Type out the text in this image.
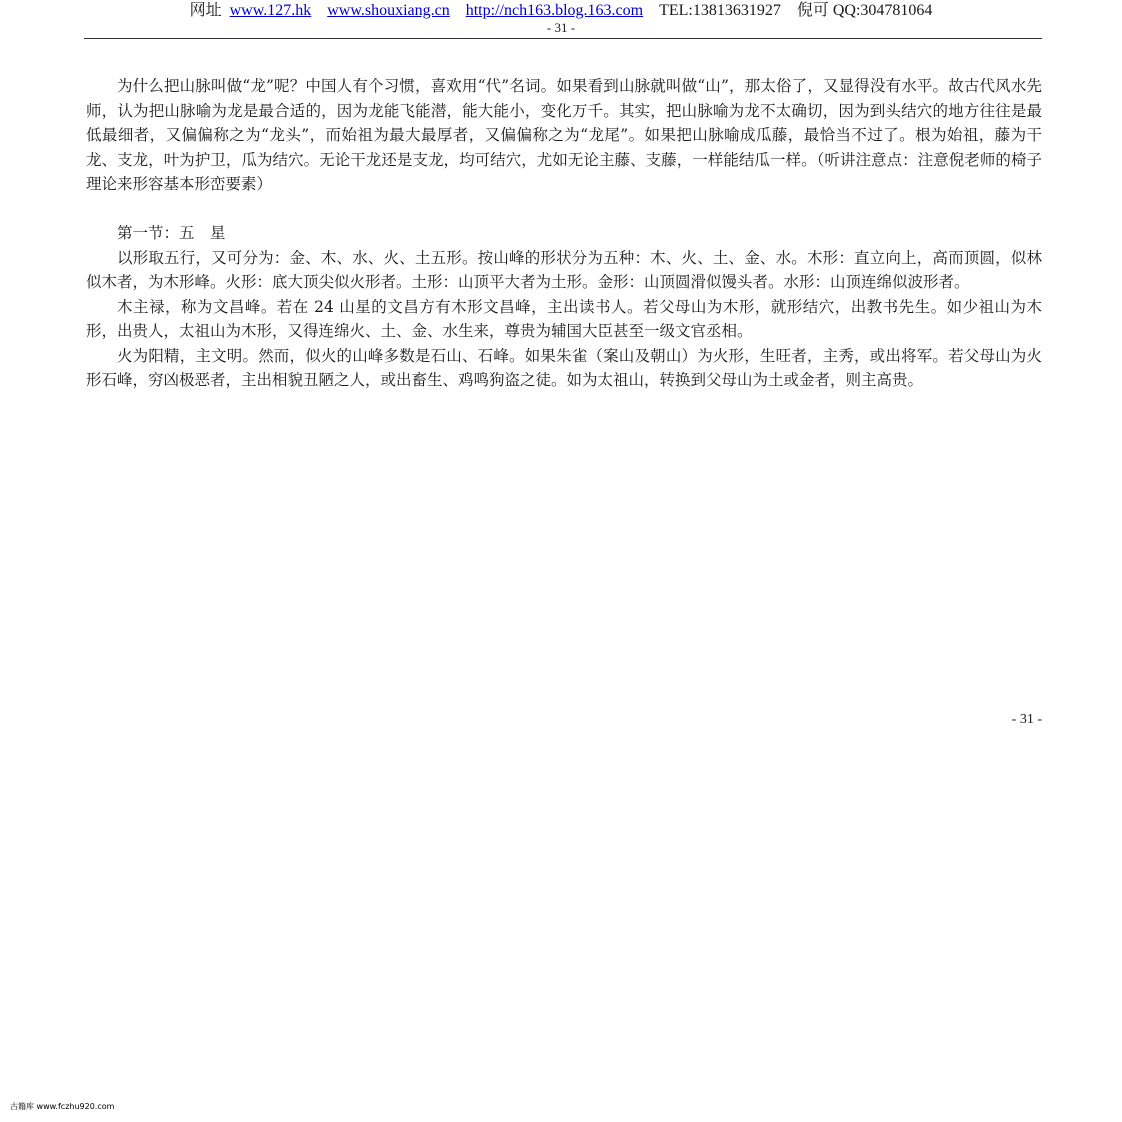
网址 www.127.hk www.shouxiang.cn http://nch163.blog.163.com TEL:13813631927 倪可 QQ:304781064
- 31 -

为什么把山脉叫做“龙”呢？中国人有个习惯，喜欢用“代”名词。如果看到山脉就叫做“山”，那太俗了，又显得没有水平。故古代风水先师，认为把山脉喻为龙是最合适的，因为龙能飞能潜，能大能小，变化万千。其实，把山脉喻为龙不太确切，因为到头结穴的地方往往是最低最细者，又偏偏称之为“龙头”，而始祖为最大最厚者，又偏偏称之为“龙尾”。如果把山脉喻成瓜藤，最恰当不过了。根为始祖，藤为干龙、支龙，叶为护卫，瓜为结穴。无论干龙还是支龙，均可结穴，尤如无论主藤、支藤，一样能结瓜一样。（听讲注意点：注意倪老师的椅子理论来形容基本形峦要素）

第一节：五　星

以形取五行，又可分为：金、木、水、火、土五形。按山峰的形状分为五种：木、火、土、金、水。木形：直立向上，高而顶圆，似林似木者，为木形峰。火形：底大顶尖似火形者。土形：山顶平大者为土形。金形：山顶圆滑似馒头者。水形：山顶连绵似波形者。

木主禄，称为文昌峰。若在 24 山星的文昌方有木形文昌峰，主出读书人。若父母山为木形，就形结穴，出教书先生。如少祖山为木形，出贵人，太祖山为木形，又得连绵火、土、金、水生来，尊贵为辅国大臣甚至一级文官丞相。

火为阳精，主文明。然而，似火的山峰多数是石山、石峰。如果朱雀（案山及朝山）为火形，生旺者，主秀，或出将军。若父母山为火形石峰，穷凶极恶者，主出相貌丑陋之人，或出畜生、鸡鸣狗盗之徒。如为太祖山，转换到父母山为土或金者，则主高贵。

- 31 -
古籍库 www.fczhu920.com
